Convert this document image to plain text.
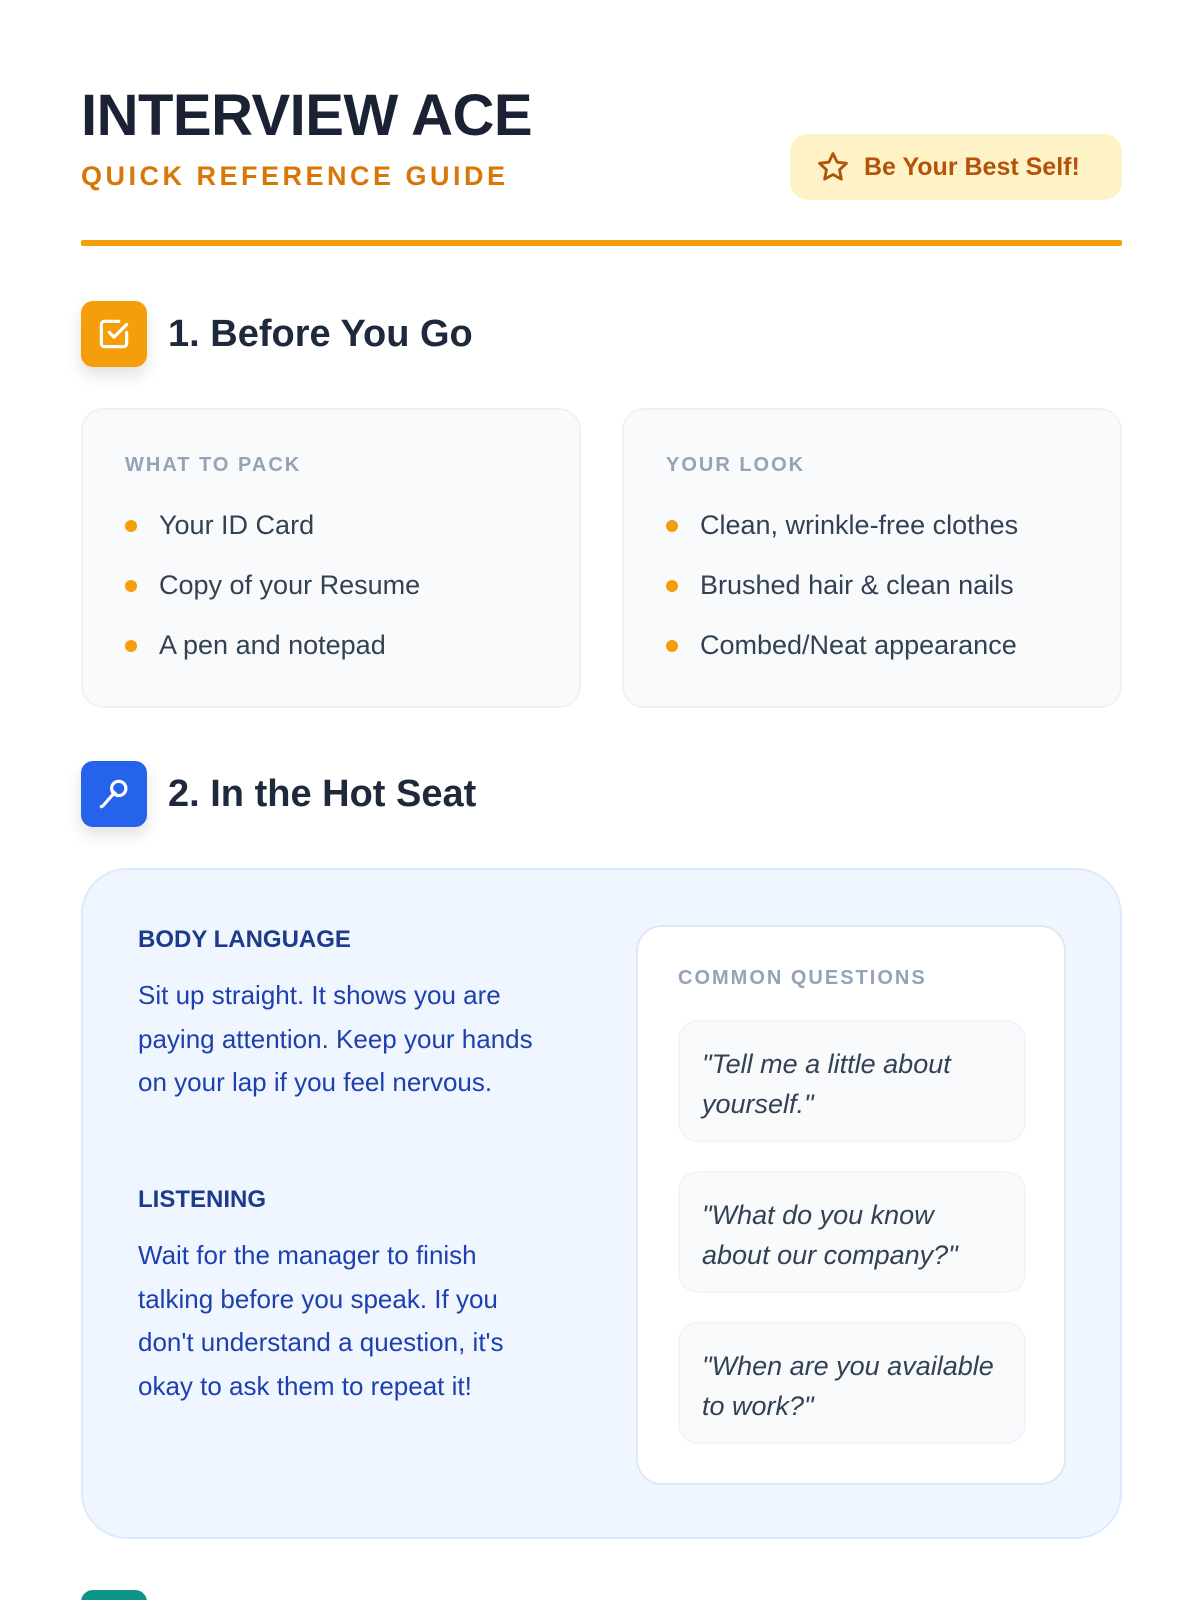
INTERVIEW ACE
QUICK REFERENCE GUIDE	Be Your Best Self!
1. Before You Go
WHAT TO PACK
Your ID Card
Copy of your Resume
A pen and notepad
YOUR LOOK
Clean, wrinkle-free clothes
Brushed hair & clean nails
Combed/Neat appearance
2. In the Hot Seat
BODY LANGUAGE
Sit up straight. It shows you are paying attention. Keep your hands on your lap if you feel nervous.
LISTENING
Wait for the manager to finish talking before you speak. If you don't understand a question, it's okay to ask them to repeat it!
COMMON QUESTIONS
"Tell me a little about yourself."
"What do you know about our company?"
"When are you available to work?"
